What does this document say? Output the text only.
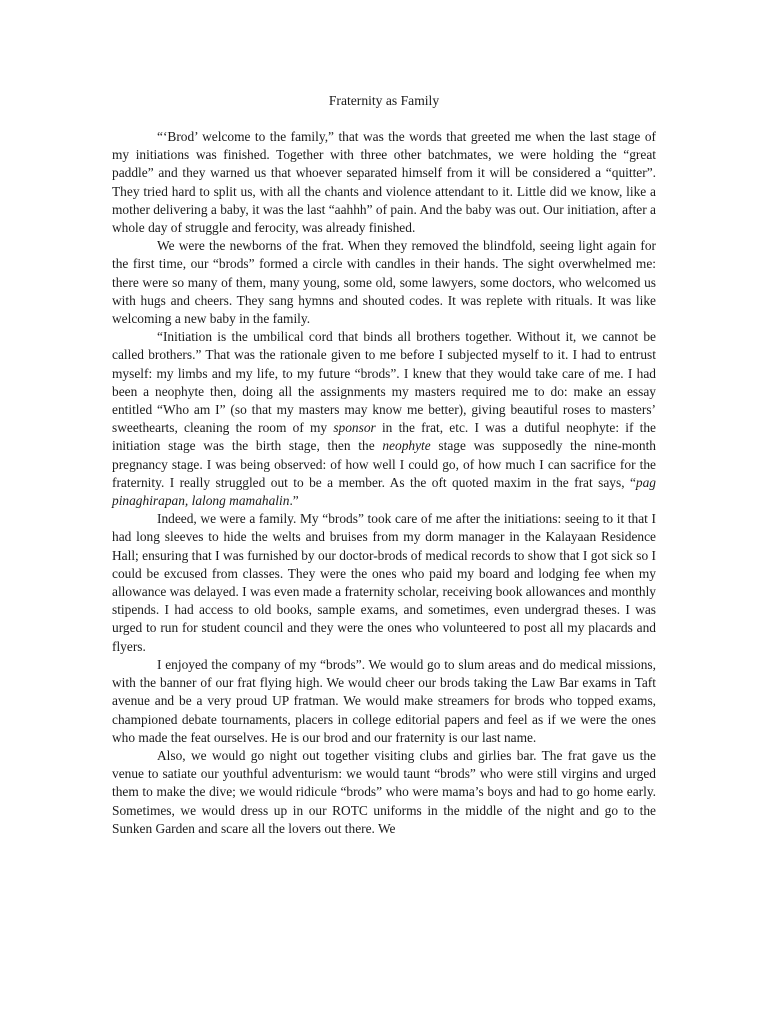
Fraternity as Family

“‘Brod’ welcome to the family,” that was the words that greeted me when the last stage of my initiations was finished. Together with three other batchmates, we were holding the “great paddle” and they warned us that whoever separated himself from it will be considered a “quitter”. They tried hard to split us, with all the chants and violence attendant to it. Little did we know, like a mother delivering a baby, it was the last “aahhh” of pain. And the baby was out. Our initiation, after a whole day of struggle and ferocity, was already finished.

We were the newborns of the frat. When they removed the blindfold, seeing light again for the first time, our “brods” formed a circle with candles in their hands. The sight overwhelmed me: there were so many of them, many young, some old, some lawyers, some doctors, who welcomed us with hugs and cheers. They sang hymns and shouted codes. It was replete with rituals. It was like welcoming a new baby in the family.

“Initiation is the umbilical cord that binds all brothers together. Without it, we cannot be called brothers.” That was the rationale given to me before I subjected myself to it. I had to entrust myself: my limbs and my life, to my future “brods”. I knew that they would take care of me. I had been a neophyte then, doing all the assignments my masters required me to do: make an essay entitled “Who am I” (so that my masters may know me better), giving beautiful roses to masters’ sweethearts, cleaning the room of my sponsor in the frat, etc. I was a dutiful neophyte: if the initiation stage was the birth stage, then the neophyte stage was supposedly the nine-month pregnancy stage. I was being observed: of how well I could go, of how much I can sacrifice for the fraternity. I really struggled out to be a member. As the oft quoted maxim in the frat says, “pag pinaghirapan, lalong mamahalin.”

Indeed, we were a family. My “brods” took care of me after the initiations: seeing to it that I had long sleeves to hide the welts and bruises from my dorm manager in the Kalayaan Residence Hall; ensuring that I was furnished by our doctor-brods of medical records to show that I got sick so I could be excused from classes. They were the ones who paid my board and lodging fee when my allowance was delayed. I was even made a fraternity scholar, receiving book allowances and monthly stipends. I had access to old books, sample exams, and sometimes, even undergrad theses. I was urged to run for student council and they were the ones who volunteered to post all my placards and flyers.

I enjoyed the company of my “brods”. We would go to slum areas and do medical missions, with the banner of our frat flying high. We would cheer our brods taking the Law Bar exams in Taft avenue and be a very proud UP fratman. We would make streamers for brods who topped exams, championed debate tournaments, placers in college editorial papers and feel as if we were the ones who made the feat ourselves. He is our brod and our fraternity is our last name.

Also, we would go night out together visiting clubs and girlies bar. The frat gave us the venue to satiate our youthful adventurism: we would taunt “brods” who were still virgins and urged them to make the dive; we would ridicule “brods” who were mama’s boys and had to go home early. Sometimes, we would dress up in our ROTC uniforms in the middle of the night and go to the Sunken Garden and scare all the lovers out there. We
